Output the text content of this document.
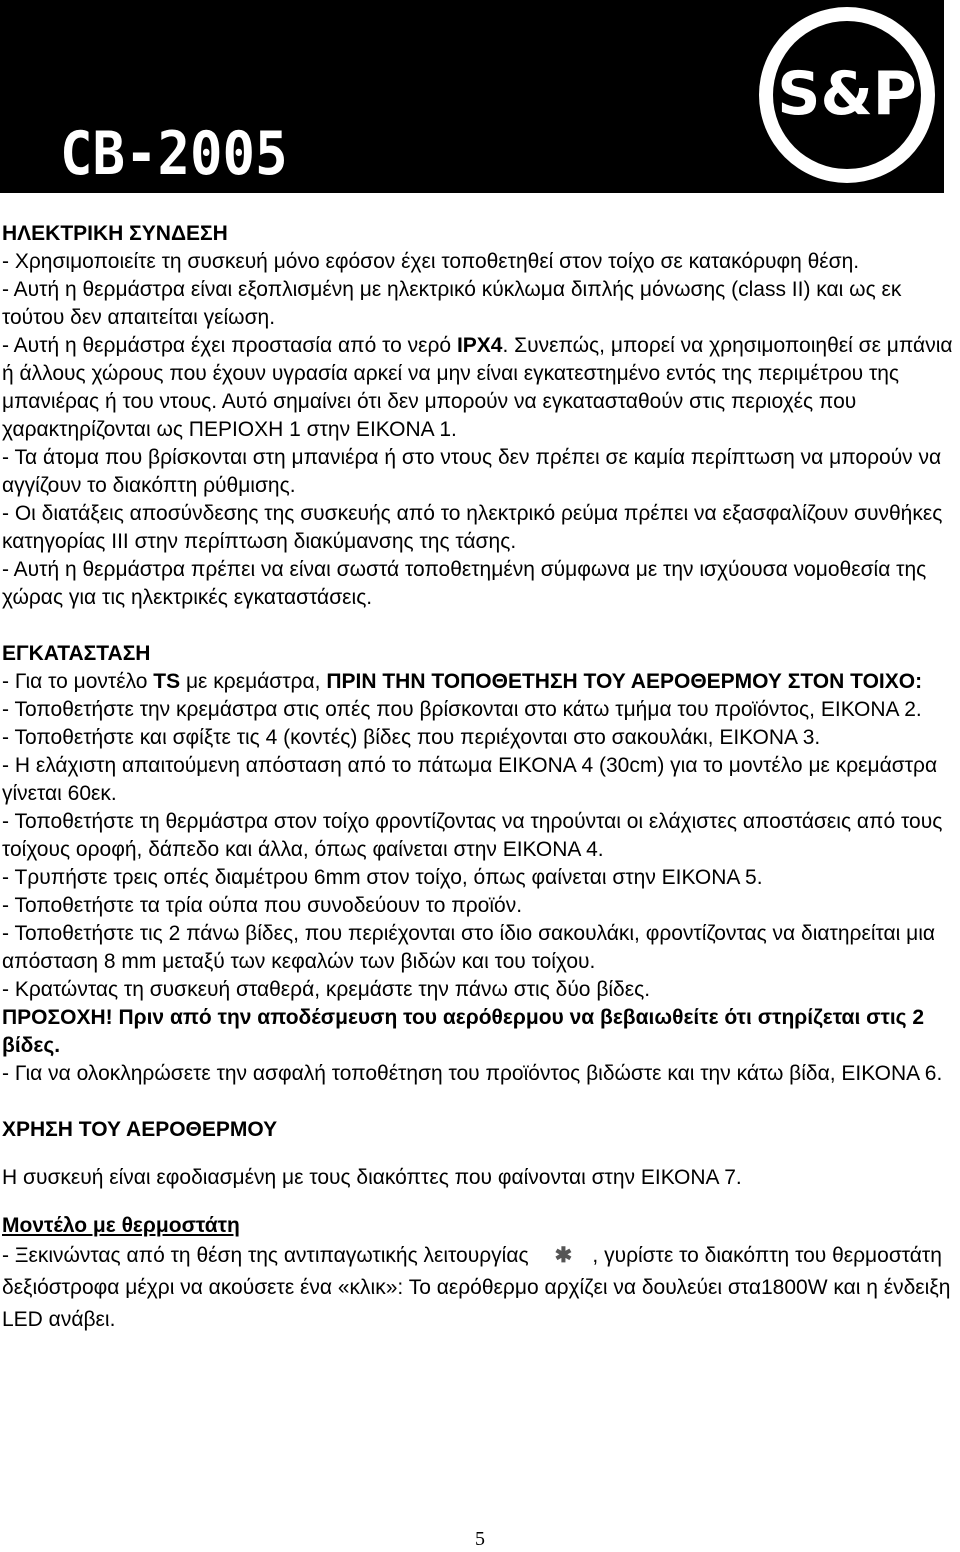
CB-2005
S&P

ΗΛΕΚΤΡΙΚΗ ΣΥΝΔΕΣΗ

- Χρησιμοποιείτε τη συσκευή μόνο εφόσον έχει τοποθετηθεί στον τοίχο σε κατακόρυφη θέση.

- Αυτή η θερμάστρα είναι εξοπλισμένη με ηλεκτρικό κύκλωμα διπλής μόνωσης (class II) και ως εκ τούτου δεν απαιτείται γείωση.

- Αυτή η θερμάστρα έχει προστασία από το νερό IPX4. Συνεπώς, μπορεί να χρησιμοποιηθεί σε μπάνια ή άλλους χώρους που έχουν υγρασία αρκεί να μην είναι εγκατεστημένο εντός της περιμέτρου της μπανιέρας ή του ντους. Αυτό σημαίνει ότι δεν μπορούν να εγκατασταθούν στις περιοχές που χαρακτηρίζονται ως ΠΕΡΙΟΧΗ 1 στην ΕΙΚΟΝΑ 1.

- Τα άτομα που βρίσκονται στη μπανιέρα ή στο ντους δεν πρέπει σε καμία περίπτωση να μπορούν να αγγίζουν το διακόπτη ρύθμισης.

- Οι διατάξεις αποσύνδεσης της συσκευής από το ηλεκτρικό ρεύμα πρέπει να εξασφαλίζουν συνθήκες κατηγορίας III στην περίπτωση διακύμανσης της τάσης.

- Αυτή η θερμάστρα πρέπει να είναι σωστά τοποθετημένη σύμφωνα με την ισχύουσα νομοθεσία της χώρας για τις ηλεκτρικές εγκαταστάσεις.

ΕΓΚΑΤΑΣΤΑΣΗ

- Για το μοντέλο TS με κρεμάστρα, ΠΡΙΝ ΤΗΝ ΤΟΠΟΘΕΤΗΣΗ ΤΟΥ ΑΕΡΟΘΕΡΜΟΥ ΣΤΟΝ ΤΟΙΧΟ:

- Τοποθετήστε την κρεμάστρα στις οπές που βρίσκονται στο κάτω τμήμα του προϊόντος, ΕΙΚΟΝΑ 2.

- Τοποθετήστε και σφίξτε τις 4 (κοντές) βίδες που περιέχονται στο σακουλάκι, ΕΙΚΟΝΑ 3.

- Η ελάχιστη απαιτούμενη απόσταση από το πάτωμα ΕΙΚΟΝΑ 4 (30cm) για το μοντέλο με κρεμάστρα γίνεται 60εκ.

- Τοποθετήστε τη θερμάστρα στον τοίχο φροντίζοντας να τηρούνται οι ελάχιστες αποστάσεις από τους τοίχους οροφή, δάπεδο και άλλα, όπως φαίνεται στην ΕΙΚΟΝΑ 4.

- Τρυπήστε τρεις οπές διαμέτρου 6mm στον τοίχο, όπως φαίνεται στην ΕΙΚΟΝΑ 5.

- Τοποθετήστε τα τρία ούπα που συνοδεύουν το προϊόν.

- Τοποθετήστε τις 2 πάνω βίδες, που περιέχονται στο ίδιο σακουλάκι, φροντίζοντας να διατηρείται μια απόσταση 8 mm μεταξύ των κεφαλών των βιδών και του τοίχου.

- Κρατώντας τη συσκευή σταθερά, κρεμάστε την πάνω στις δύο βίδες.

ΠΡΟΣΟΧΗ! Πριν από την αποδέσμευση του αερόθερμου να βεβαιωθείτε ότι στηρίζεται στις 2 βίδες.

- Για να ολοκληρώσετε την ασφαλή τοποθέτηση του προϊόντος βιδώστε και την κάτω βίδα, ΕΙΚΟΝΑ 6.

ΧΡΗΣΗ ΤΟΥ ΑΕΡΟΘΕΡΜΟΥ

Η συσκευή είναι εφοδιασμένη με τους διακόπτες που φαίνονται στην ΕΙΚΟΝΑ 7.

Μοντέλο με θερμοστάτη

- Ξεκινώντας από τη θέση της αντιπαγωτικής λειτουργίας ✱ , γυρίστε το διακόπτη του θερμοστάτη δεξιόστροφα μέχρι να ακούσετε ένα «κλικ»: Το αερόθερμο αρχίζει να δουλεύει στα1800W και η ένδειξη LED ανάβει.

5
